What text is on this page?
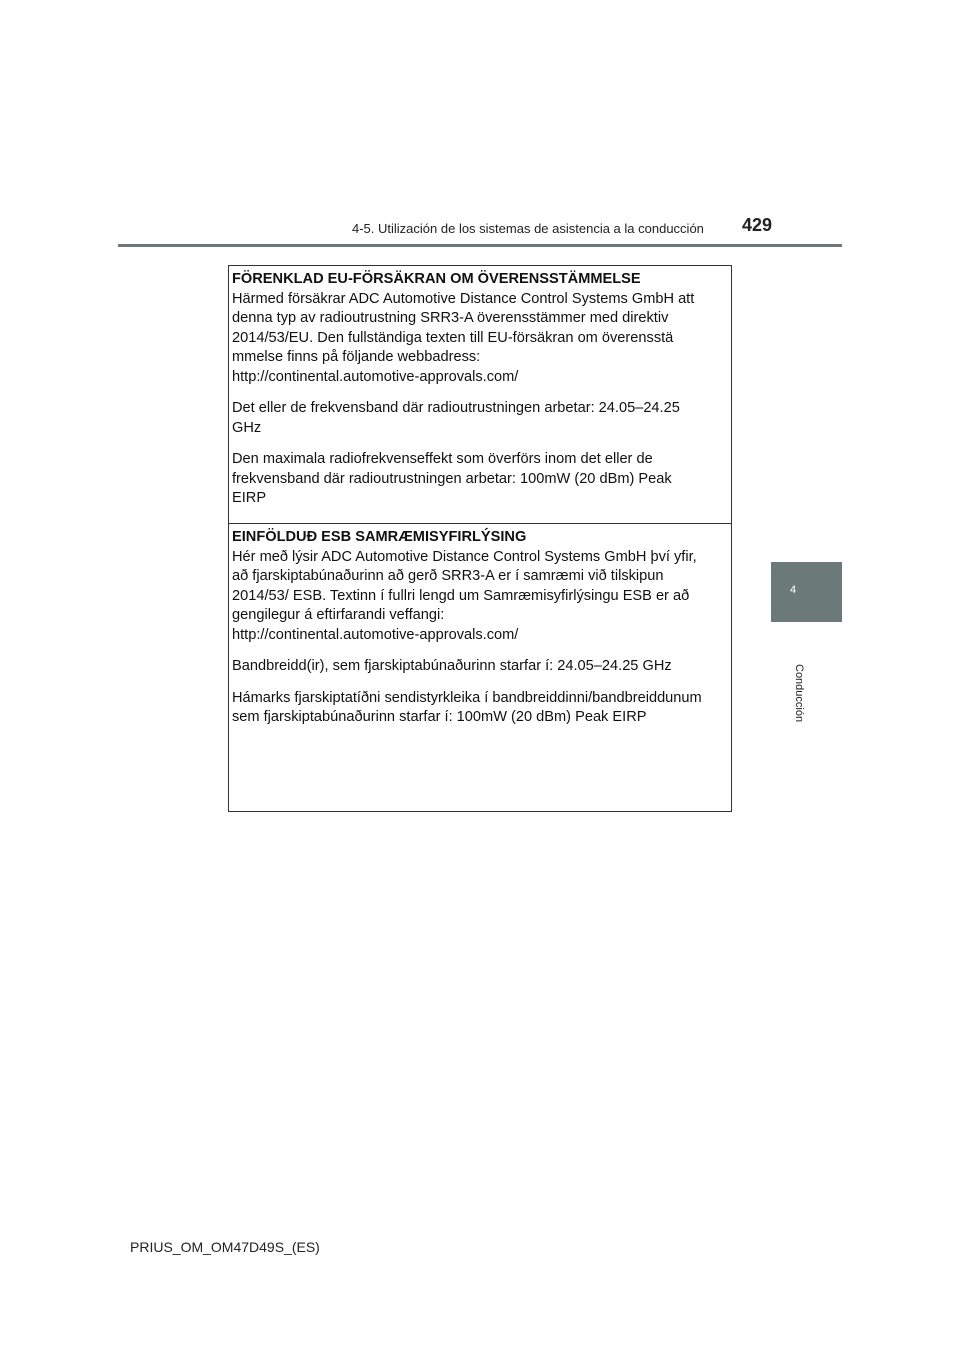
4-5. Utilización de los sistemas de asistencia a la conducción 429
4
Conducción

FÖRENKLAD EU-FÖRSÄKRAN OM ÖVERENSSTÄMMELSE

Härmed försäkrar ADC Automotive Distance Control Systems GmbH att

denna typ av radioutrustning SRR3-A överensstämmer med direktiv

2014/53/EU. Den fullständiga texten till EU-försäkran om överensstä

mmelse finns på följande webbadress:

http://continental.automotive-approvals.com/

Det eller de frekvensband där radioutrustningen arbetar: 24.05–24.25

GHz

Den maximala radiofrekvenseffekt som överförs inom det eller de

frekvensband där radioutrustningen arbetar: 100mW (20 dBm) Peak

EIRP

EINFÖLDUÐ ESB SAMRÆMISYFIRLÝSING

Hér með lýsir ADC Automotive Distance Control Systems GmbH því yfir,

að fjarskiptabúnaðurinn að gerð SRR3-A er í samræmi við tilskipun

2014/53/ ESB. Textinn í fullri lengd um Samræmisyfirlýsingu ESB er að

gengilegur á eftirfarandi veffangi:

http://continental.automotive-approvals.com/

Bandbreidd(ir), sem fjarskiptabúnaðurinn starfar í: 24.05–24.25 GHz

Hámarks fjarskiptatíðni sendistyrkleika í bandbreiddinni/bandbreiddunum

sem fjarskiptabúnaðurinn starfar í: 100mW (20 dBm) Peak EIRP

PRIUS_OM_OM47D49S_(ES)
